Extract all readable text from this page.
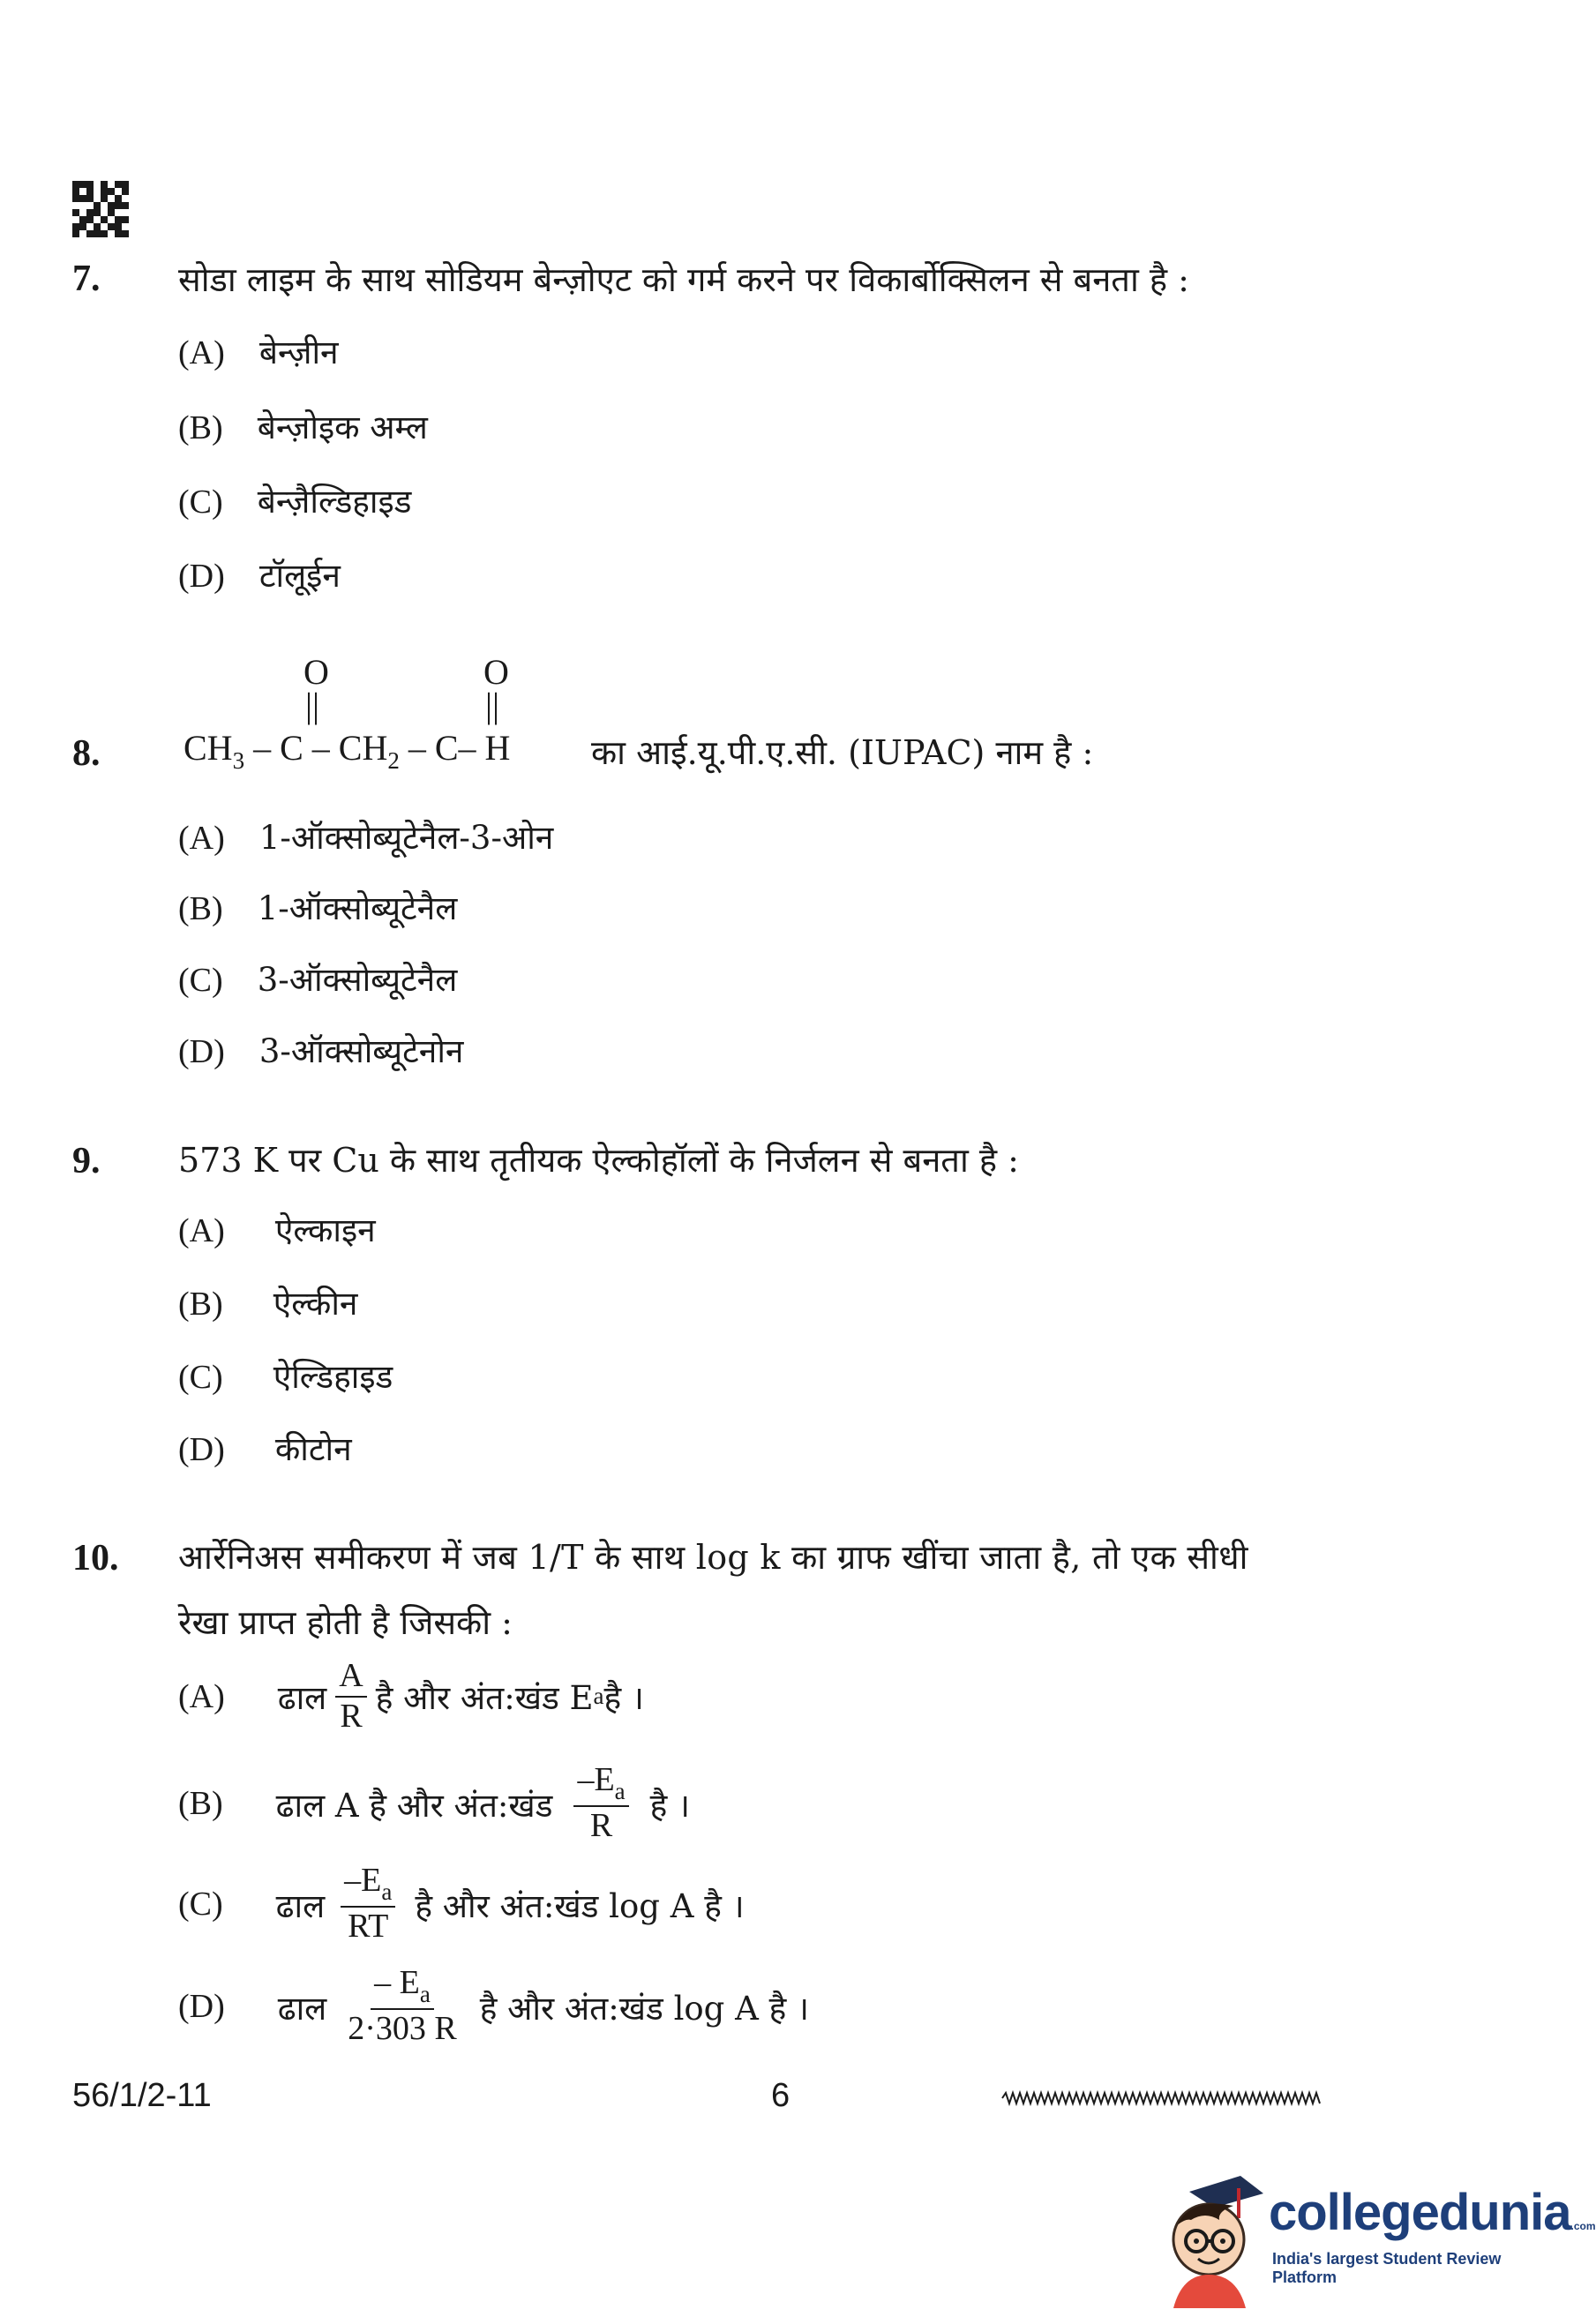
7. सोडा लाइम के साथ सोडियम बेन्ज़ोएट को गर्म करने पर विकार्बोक्सिलन से बनता है :
(A) बेन्ज़ीन
(B) बेन्ज़ोइक अम्ल
(C) बेन्ज़ैल्डिहाइड
(D) टॉलूईन
O
||
O
||
8. $CH_3$ – C – $CH_2 - C-$ H का आई.यू.पी.ए.सी. (IUPAC) नाम है :
(A) 1-ऑक्सोब्यूटेनैल-3-ओन
(B) 1-ऑक्सोब्यूटेनैल
(C) 3-ऑक्सोब्यूटेनैल
(D) 3-ऑक्सोब्यूटेनोन
9. 573 K पर Cu के साथ तृतीयक ऐल्कोहॉलों के निर्जलन से बनता है :
(A) ऐल्काइन
(B) ऐल्कीन
(C) ऐल्डिहाइड
(D) कीटोन
10. आर्रेनिअस समीकरण में जब 1/T के साथ log k का ग्राफ खींचा जाता है, तो एक सीधी
रेखा प्राप्त होती है जिसकी :
(A) ढाल $\frac{A}{R}$ है और अंत:खंड E a है ।
(B) ढाल A है और अंत:खंड $\frac{-E_a}{R}$ है ।
(C) ढाल $\frac{-E_a}{RT}$ है और अंत:खंड log A है ।
(D) ढाल $\frac{- E_a}{2\cdot 303 R}$ है और अंत:खंड log A है ।
56/1/2-11	6
collegedunia.com
India's largest Student Review Platform
